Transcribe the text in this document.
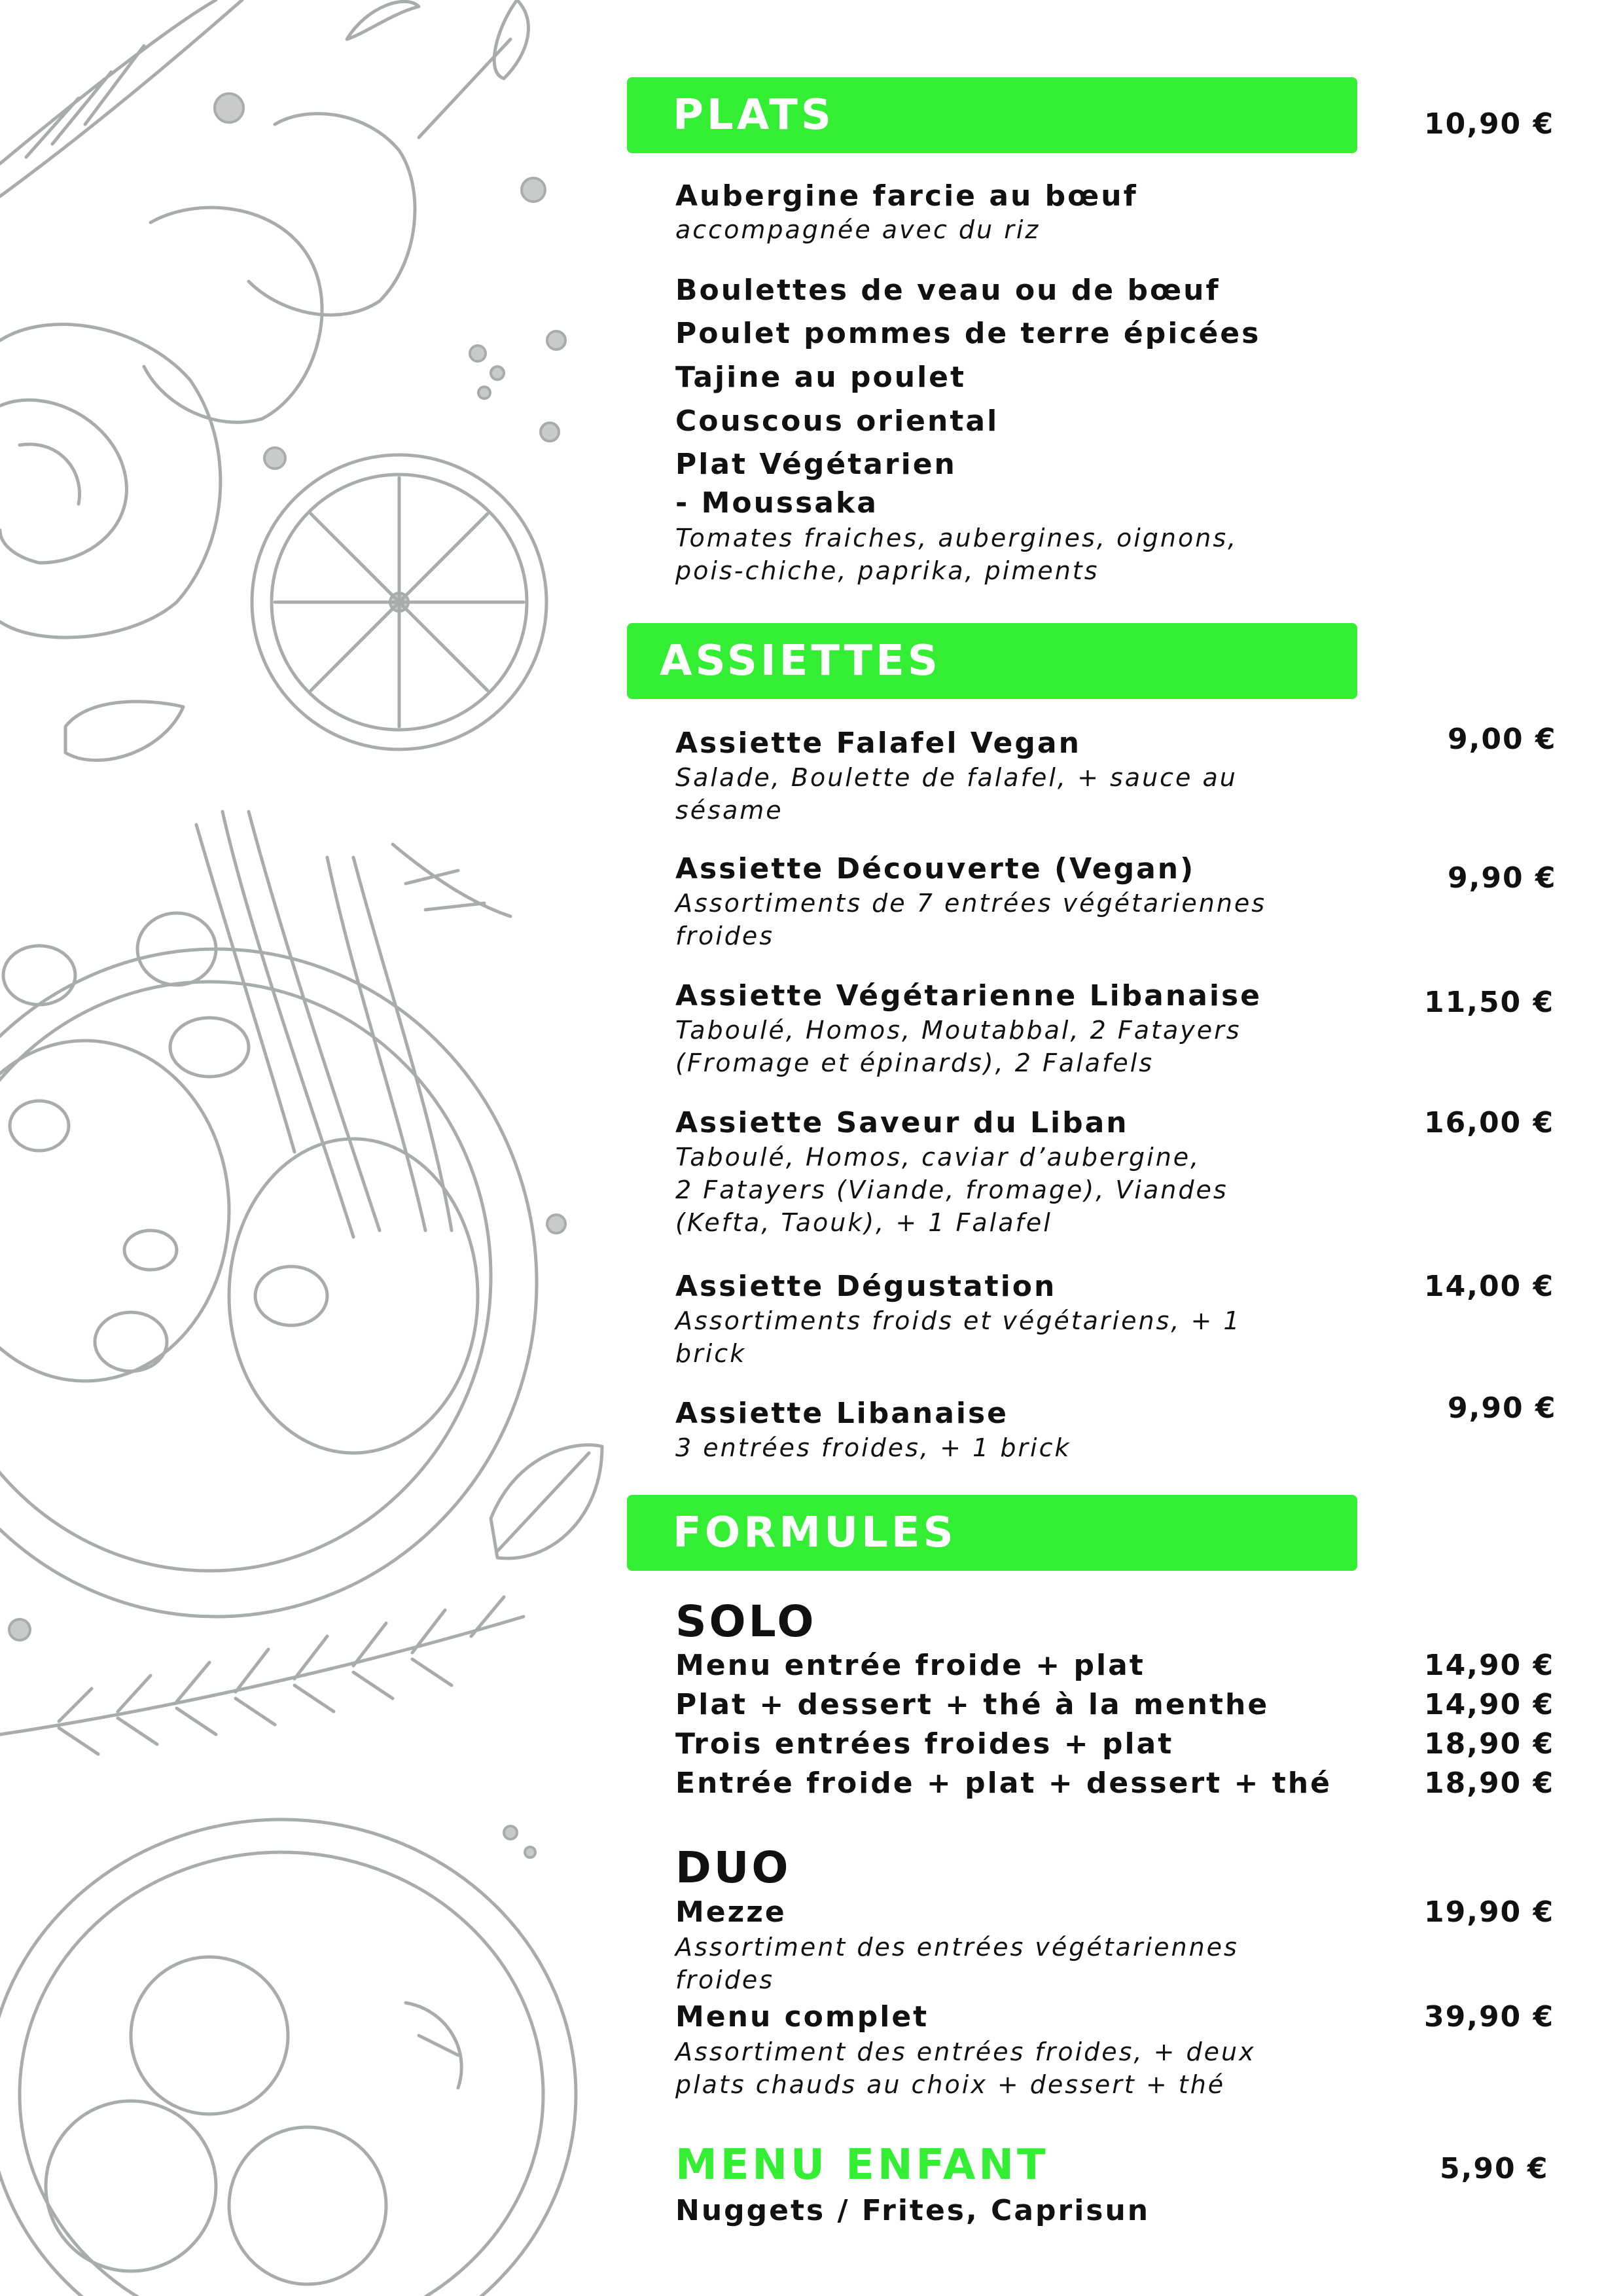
PLATS	10,90 €
Aubergine farcie au bœuf
accompagnée avec du riz
Boulettes de veau ou de bœuf
Poulet pommes de terre épicées
Tajine au poulet
Couscous oriental
Plat Végétarien
- Moussaka
Tomates fraiches, aubergines, oignons,
pois-chiche, paprika, piments
ASSIETTES
Assiette Falafel Vegan	9,00 €
Salade, Boulette de falafel, + sauce au
sésame
Assiette Découverte (Vegan)	9,90 €
Assortiments de 7 entrées végétariennes
froides
Assiette Végétarienne Libanaise	11,50 €
Taboulé, Homos, Moutabbal, 2 Fatayers
(Fromage et épinards), 2 Falafels
Assiette Saveur du Liban	16,00 €
Taboulé, Homos, caviar d’aubergine,
2 Fatayers (Viande, fromage), Viandes
(Kefta, Taouk), + 1 Falafel
Assiette Dégustation	14,00 €
Assortiments froids et végétariens, + 1
brick
Assiette Libanaise	9,90 €
3 entrées froides, + 1 brick
FORMULES
SOLO
Menu entrée froide + plat	14,90 €
Plat + dessert + thé à la menthe	14,90 €
Trois entrées froides + plat	18,90 €
Entrée froide + plat + dessert + thé	18,90 €
DUO
Mezze	19,90 €
Assortiment des entrées végétariennes
froides
Menu complet	39,90 €
Assortiment des entrées froides, + deux
plats chauds au choix + dessert + thé
MENU ENFANT	5,90 €
Nuggets / Frites, Caprisun
